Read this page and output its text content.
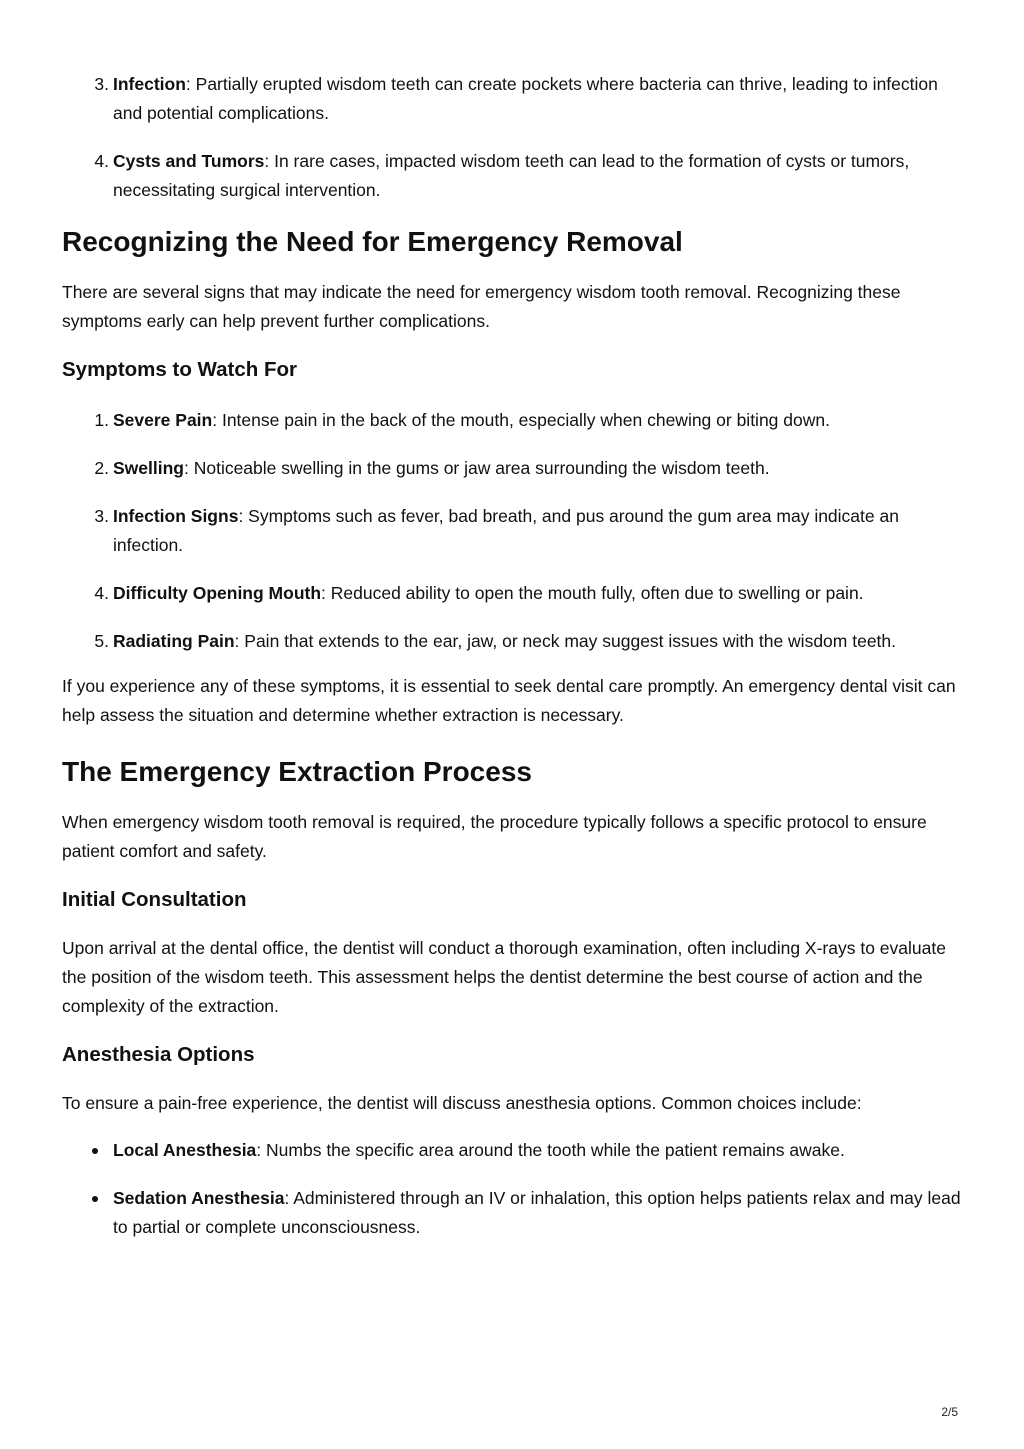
3. Infection: Partially erupted wisdom teeth can create pockets where bacteria can thrive, leading to infection and potential complications.
4. Cysts and Tumors: In rare cases, impacted wisdom teeth can lead to the formation of cysts or tumors, necessitating surgical intervention.
Recognizing the Need for Emergency Removal

There are several signs that may indicate the need for emergency wisdom tooth removal. Recognizing these symptoms early can help prevent further complications.

Symptoms to Watch For
1. Severe Pain: Intense pain in the back of the mouth, especially when chewing or biting down.
2. Swelling: Noticeable swelling in the gums or jaw area surrounding the wisdom teeth.
3. Infection Signs: Symptoms such as fever, bad breath, and pus around the gum area may indicate an infection.
4. Difficulty Opening Mouth: Reduced ability to open the mouth fully, often due to swelling or pain.
5. Radiating Pain: Pain that extends to the ear, jaw, or neck may suggest issues with the wisdom teeth.

If you experience any of these symptoms, it is essential to seek dental care promptly. An emergency dental visit can help assess the situation and determine whether extraction is necessary.

The Emergency Extraction Process

When emergency wisdom tooth removal is required, the procedure typically follows a specific protocol to ensure patient comfort and safety.

Initial Consultation

Upon arrival at the dental office, the dentist will conduct a thorough examination, often including X-rays to evaluate the position of the wisdom teeth. This assessment helps the dentist determine the best course of action and the complexity of the extraction.

Anesthesia Options

To ensure a pain-free experience, the dentist will discuss anesthesia options. Common choices include:

Local Anesthesia: Numbs the specific area around the tooth while the patient remains awake.
Sedation Anesthesia: Administered through an IV or inhalation, this option helps patients relax and may lead to partial or complete unconsciousness.
2/5
